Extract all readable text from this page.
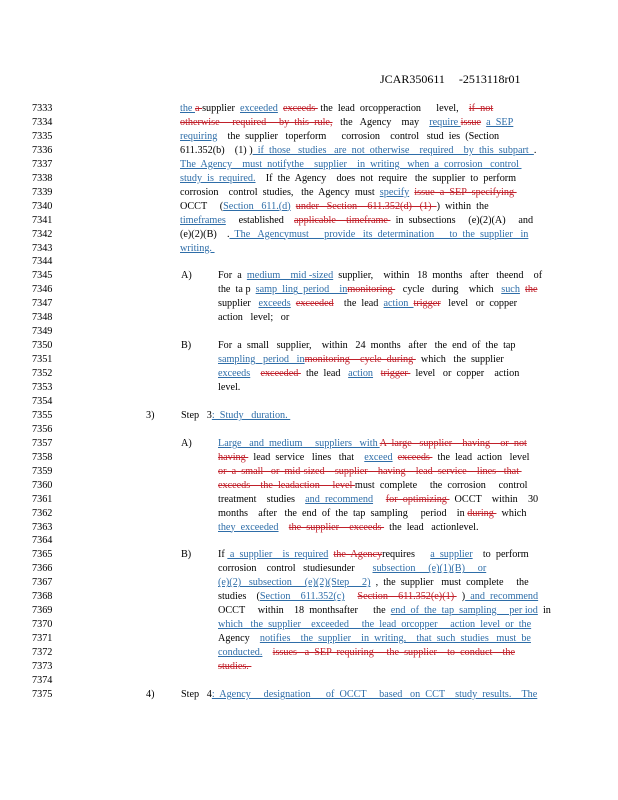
JCAR350611 -2513118r01
7333	the a supplier  exceeded exceeds  the  lead  orcopperaction      level,    if  not
7334	otherwise     required     by  this  rule,   the   Agency    may    require issue a  SEP
7335	requiring    the  supplier   toperform      corrosion    control   stud  ies  (Section
7336	611.352(b)    (1) )  if  those   studies   are  not  otherwise    required    by  this  subpart  .
7337	The  Agency    must  notifythe    supplier    in  writing   when  a  corrosion   control
7338	study  is  required.    If  the  Agency    does  not  require   the  supplier  to  perform
7339	corrosion    control  studies,   the  Agency  must  specify issue  a  SEP  specifying
7340	OCCT     (Section   611.(d) under   Section    611.352(d)   (1)  )  within  the
7341	timeframes     established    applicable    timeframe   in  subsections     (e)(2)(A)     and
7342	(e)(2)(B)    .  The   Agencymust      provide   its  determination      to  the  supplier   in
7343	writing.
7344
7345	A)	For  a  medium    mid -sized  supplier,    within   18  months   after   theend    of
7346	the  ta p  samp  ling  period    inmonitoring    cycle   during    which   such the
7347	supplier   exceeds exceeded    the  lead  action  trigger   level   or  copper
7348	action   level;   or
7349
7350	B)	For  a  small   supplier,    within   24  months   after   the  end  of  the  tap
7351	sampling   period   inmonitoring    cycle  during   which   the  supplier
7352	exceeds exceeded   the  lead   action trigger   level   or  copper    action
7353	level.
7354
7355	3)	Step   3:  Study   duration.
7356
7357	A)	Large   and  medium     suppliers   with A  large   supplier    having    or  not
7358	having   lead  service   lines   that    exceed exceeds   the  lead  action   level
7359	or  a  small   or  mid-sized    supplier    having    lead  service    lines   that
7360	exceeds    the  leadaction     level must  complete     the  corrosion     control
7361	treatment    studies    and  recommend for  optimizing   OCCT    within    30
7362	months    after   the  end  of  the  tap  sampling     period    in during   which
7363	they  exceeded the  supplier    exceeds   the  lead   actionlevel.
7364
7365	B)	If  a  supplier    is  required the  Agencyrequires      a  supplier    to  perform
7366	corrosion    control   studiesunder       subsection     (e)(1)(B)     or
7367	(e)(2)   subsection     (e)(2)(Step     2)  ,  the  supplier   must  complete     the
7368	studies    (Section    611.352(c) Section    611.352(e)(1)   )  and  recommend
7369	OCCT     within    18  monthsafter      the  end  of  the  tap  sampling     per iod  in
7370	which   the  supplier    exceeded     the  lead  orcopper     action  level  or  the
7371	Agency    notifies    the  supplier    in  writing,    that  such  studies   must  be
7372	conducted. issues   a  SEP  requiring     the  supplier    to  conduct    the
7373	studies.
7374
7375	4)	Step   4:  Agency     designation      of  OCCT     based   on  CCT    study  results.    The
